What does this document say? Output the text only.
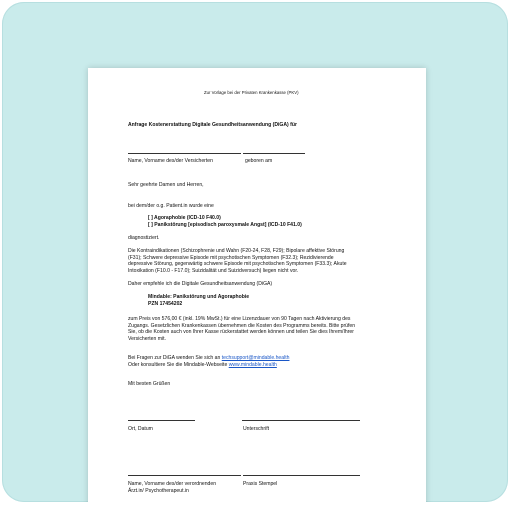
Zur Vorlage bei der Privaten Krankenkasse (PKV)
Anfrage Kostenerstattung Digitale Gesundheitsanwendung (DiGA) für
Name, Vorname des/der Versicherten	geboren am
Sehr geehrte Damen und Herren,
bei dem/der o.g. Patient.in wurde eine
[ ] Agoraphobie (ICD-10 F40.0)
[ ] Panikstörung [episodisch paroxysmale Angst] (ICD-10 F41.0)
diagnostiziert.
Die Kontraindikationen (Schizophrenie und Wahn (F20-24, F28, F29); Bipolare affektive Störung
(F31); Schwere depressive Episode mit psychotischen Symptomen (F32.3); Rezidivierende
depressive Störung, gegenwärtig schwere Episode mit psychotischen Symptomen (F33.3); Akute
Intoxikation (F10.0 - F17.0); Suizidalität und Suizidversuch) liegen nicht vor.
Daher empfehle ich die Digitale Gesundheitsanwendung (DiGA)
Mindable: Panikstörung und Agoraphobie
PZN 17454202
zum Preis von 576,00 € (inkl. 19% MwSt.) für eine Lizenzdauer von 90 Tagen nach Aktivierung des
Zugangs. Gesetzlichen Krankenkassen übernehmen die Kosten des Programms bereits. Bitte prüfen
Sie, ob die Kosten auch von Ihrer Kasse rückerstattet werden können und teilen Sie dies Ihrem/Ihrer
Versicherten mit.
Bei Fragen zur DiGA wenden Sie sich an techsupport@mindable.health
Oder konsultiere Sie die Mindable-Webseite www.mindable.health
Mit besten Grüßen
Ort, Datum	Unterschrift
Name, Vorname des/der verordnenden
Ärzt.in/ Psychotherapeut.in
Praxis Stempel
